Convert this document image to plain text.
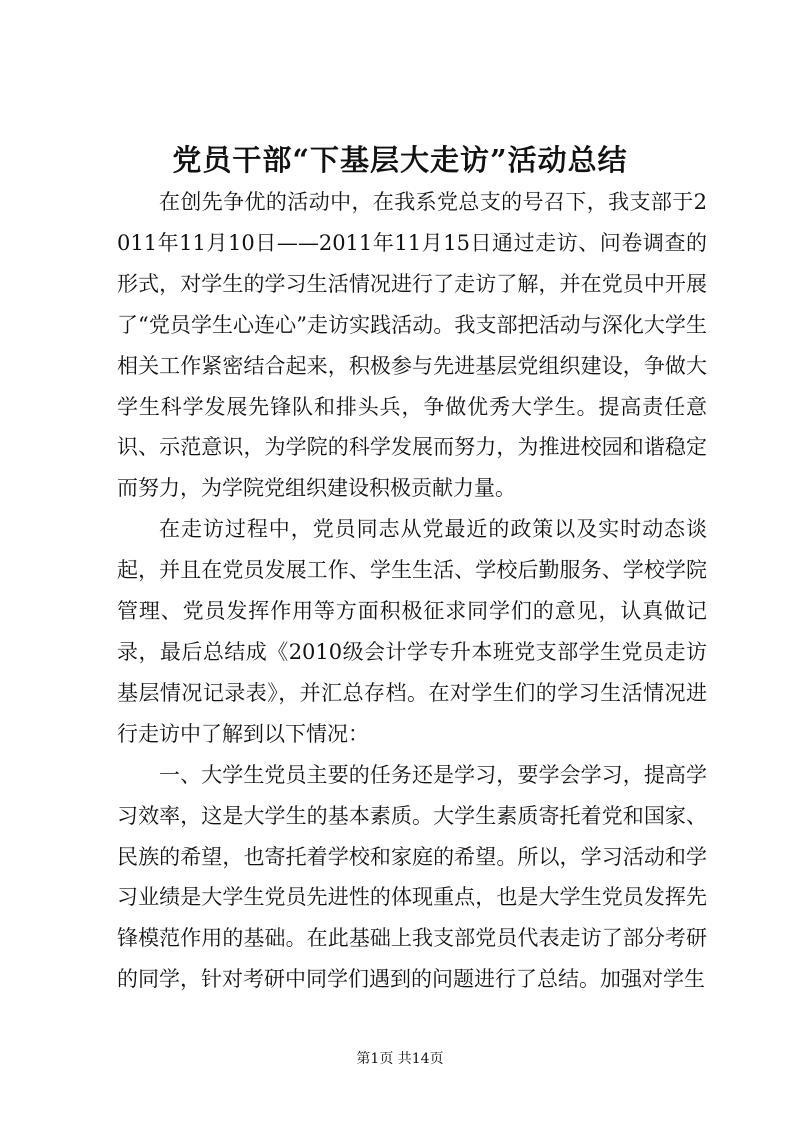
党员干部“下基层大走访”活动总结

在创先争优的活动中，在我系党总支的号召下，我支部于2011年11月10日——2011年11月15日通过走访、问卷调查的形式，对学生的学习生活情况进行了走访了解，并在党员中开展了“党员学生心连心”走访实践活动。我支部把活动与深化大学生相关工作紧密结合起来，积极参与先进基层党组织建设，争做大学生科学发展先锋队和排头兵，争做优秀大学生。提高责任意识、示范意识，为学院的科学发展而努力，为推进校园和谐稳定而努力，为学院党组织建设积极贡献力量。

在走访过程中，党员同志从党最近的政策以及实时动态谈起，并且在党员发展工作、学生生活、学校后勤服务、学校学院管理、党员发挥作用等方面积极征求同学们的意见，认真做记录，最后总结成《2010级会计学专升本班党支部学生党员走访基层情况记录表》，并汇总存档。在对学生们的学习生活情况进行走访中了解到以下情况：

一、大学生党员主要的任务还是学习，要学会学习，提高学习效率，这是大学生的基本素质。大学生素质寄托着党和国家、民族的希望，也寄托着学校和家庭的希望。所以，学习活动和学习业绩是大学生党员先进性的体现重点，也是大学生党员发挥先锋模范作用的基础。在此基础上我支部党员代表走访了部分考研的同学，针对考研中同学们遇到的问题进行了总结。加强对学生

第1页 共14页
